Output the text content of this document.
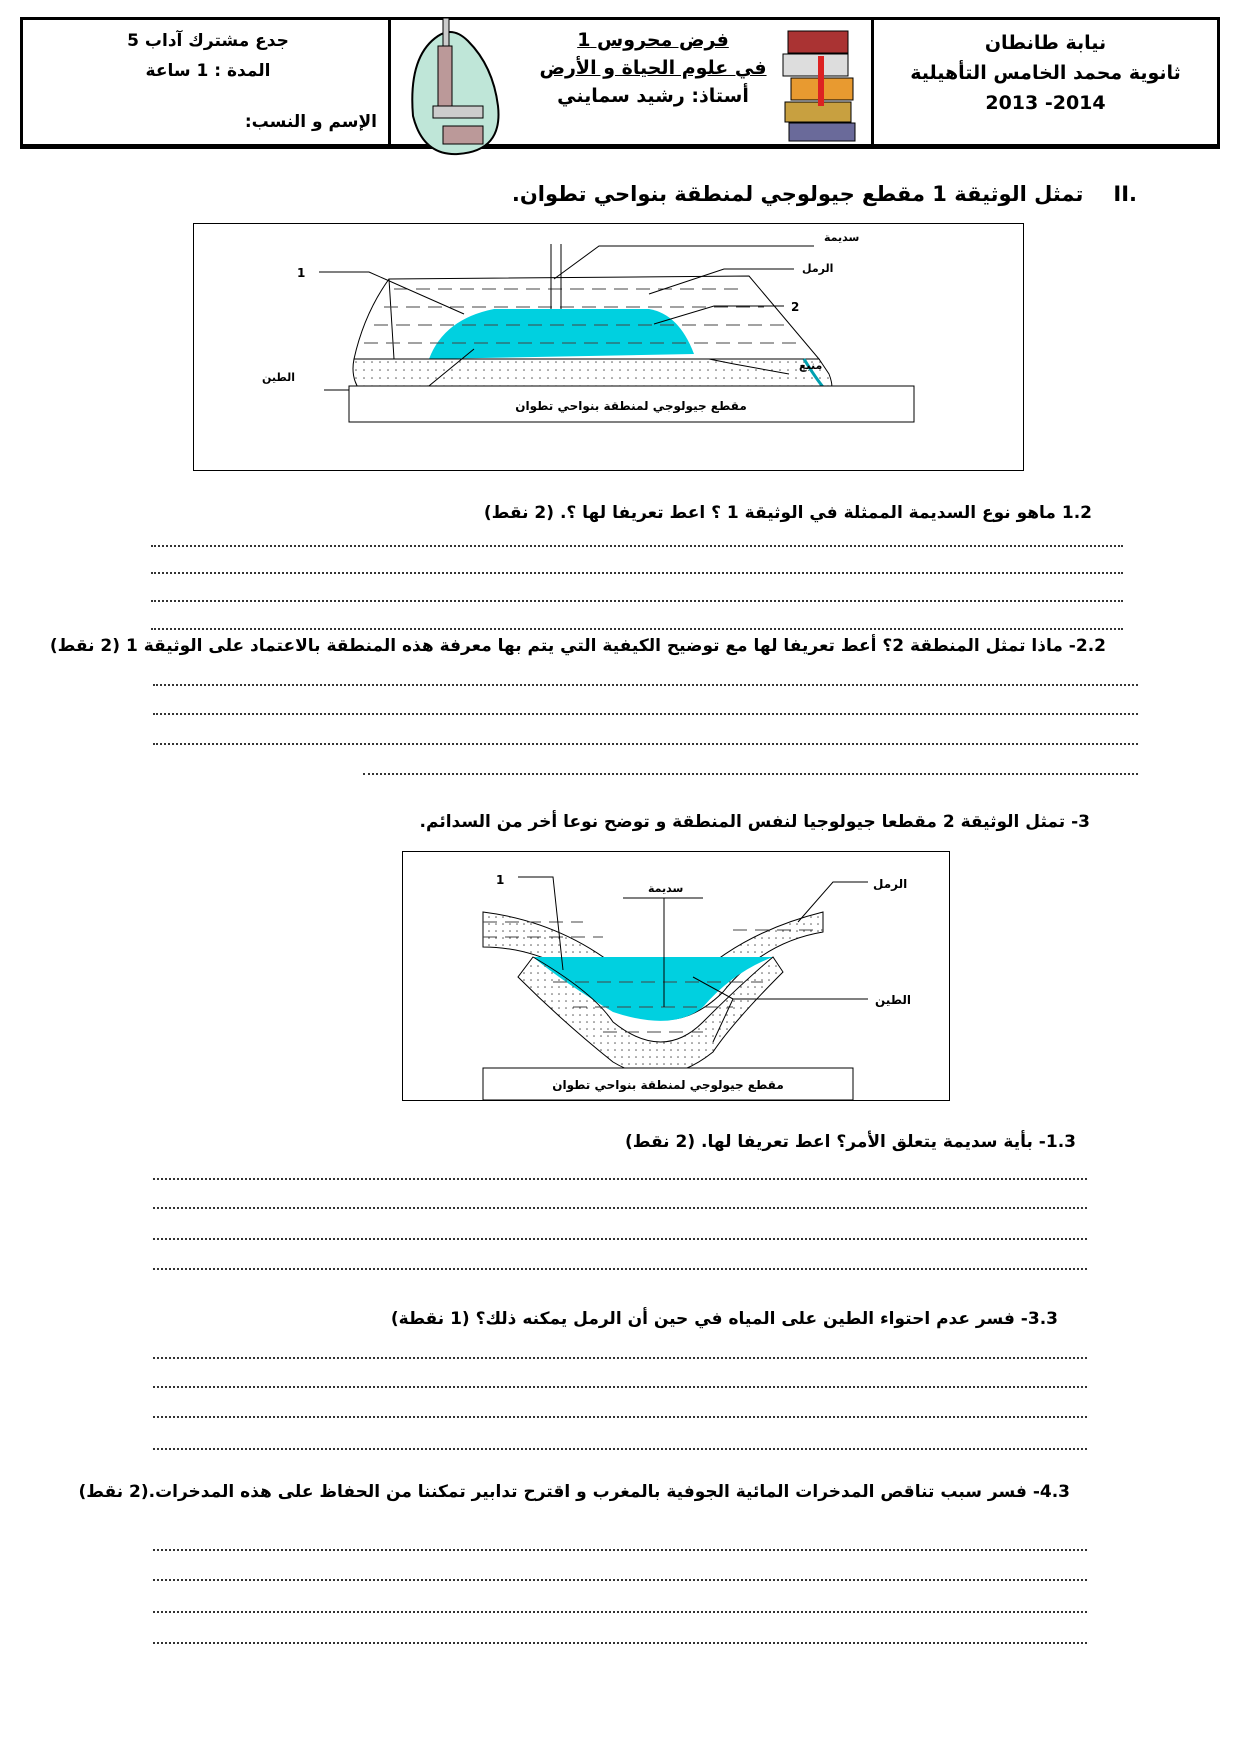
نيابة طانطان
ثانوية محمد الخامس التأهيلية
2013 -2014
فرض محروس 1
في علوم الحياة و الأرض
أستاذ: رشيد سمايني
جدع مشترك آداب 5
المدة : 1 ساعة
الإسم و النسب:
II.
تمثل الوثيقة 1 مقطع جيولوجي لمنطقة بنواحي تطوان.
سديمة
الرمل
1
2
منبع
الطين
مقطع جيولوجي لمنطقة بنواحي تطوان
1.2 ماهو نوع السديمة الممثلة في الوثيقة 1 ؟ اعط تعريفا لها ؟. (2 نقط)
2.2- ماذا تمثل المنطقة 2؟ أعط تعريفا لها مع توضيح الكيفية التي يتم بها معرفة هذه المنطقة بالاعتماد على الوثيقة 1 (2 نقط)
3- تمثل الوثيقة 2 مقطعا جيولوجيا لنفس المنطقة و توضح نوعا أخر من السدائم.
1
سديمة	الرمل
الطين
مقطع جيولوجي لمنطقة بنواحي تطوان
1.3- بأية سديمة يتعلق الأمر؟ اعط تعريفا لها. (2 نقط)
3.3- فسر عدم احتواء الطين على المياه في حين أن الرمل يمكنه ذلك؟ (1 نقطة)
4.3- فسر سبب تناقص المدخرات المائية الجوفية بالمغرب و اقترح تدابير تمكننا من الحفاظ على هذه المدخرات.(2 نقط)
